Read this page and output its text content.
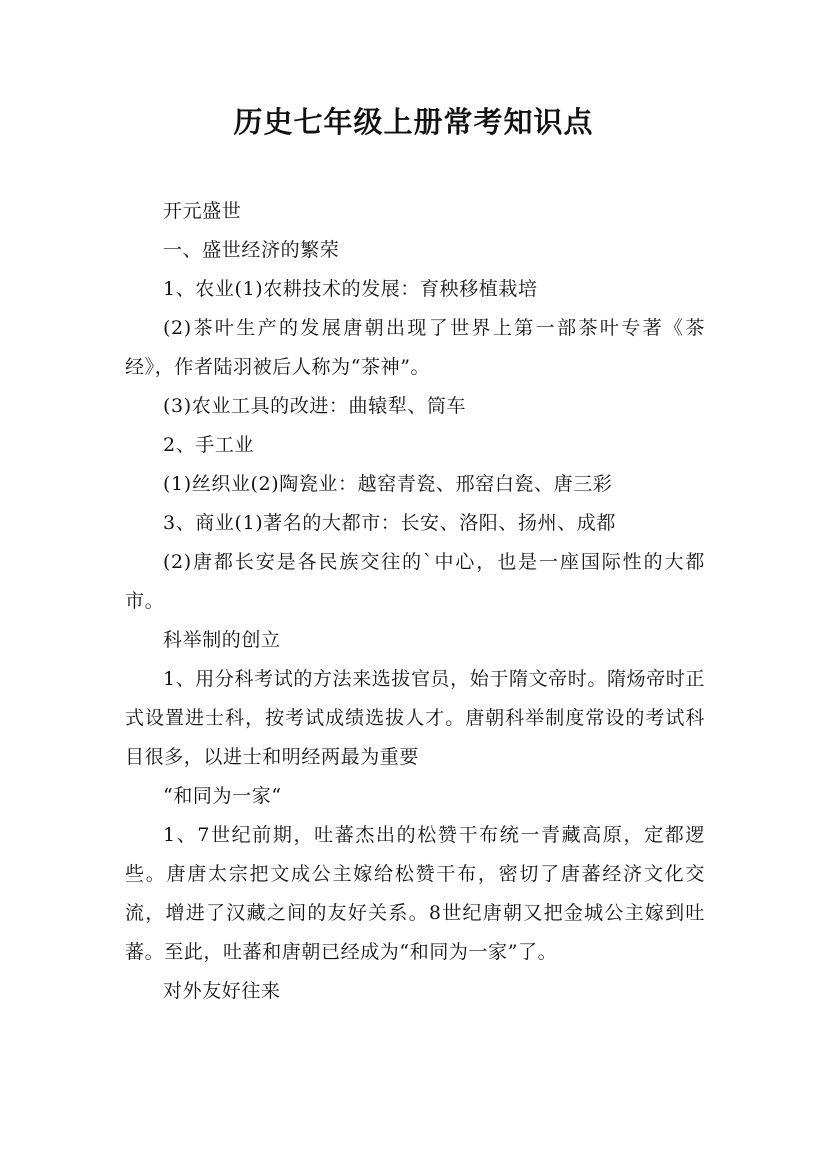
历史七年级上册常考知识点

开元盛世

一、盛世经济的繁荣

1、农业(1)农耕技术的发展：育秧移植栽培

(2)茶叶生产的发展唐朝出现了世界上第一部茶叶专著《茶经》，作者陆羽被后人称为“茶神”。

(3)农业工具的改进：曲辕犁、筒车

2、手工业

(1)丝织业(2)陶瓷业：越窑青瓷、邢窑白瓷、唐三彩

3、商业(1)著名的大都市：长安、洛阳、扬州、成都

(2)唐都长安是各民族交往的`中心，也是一座国际性的大都市。

科举制的创立

1、用分科考试的方法来选拔官员，始于隋文帝时。隋炀帝时正式设置进士科，按考试成绩选拔人才。唐朝科举制度常设的考试科目很多，以进士和明经两最为重要

“和同为一家“

1、7世纪前期，吐蕃杰出的松赞干布统一青藏高原，定都逻些。唐唐太宗把文成公主嫁给松赞干布，密切了唐蕃经济文化交流，增进了汉藏之间的友好关系。8世纪唐朝又把金城公主嫁到吐蕃。至此，吐蕃和唐朝已经成为“和同为一家”了。

对外友好往来
